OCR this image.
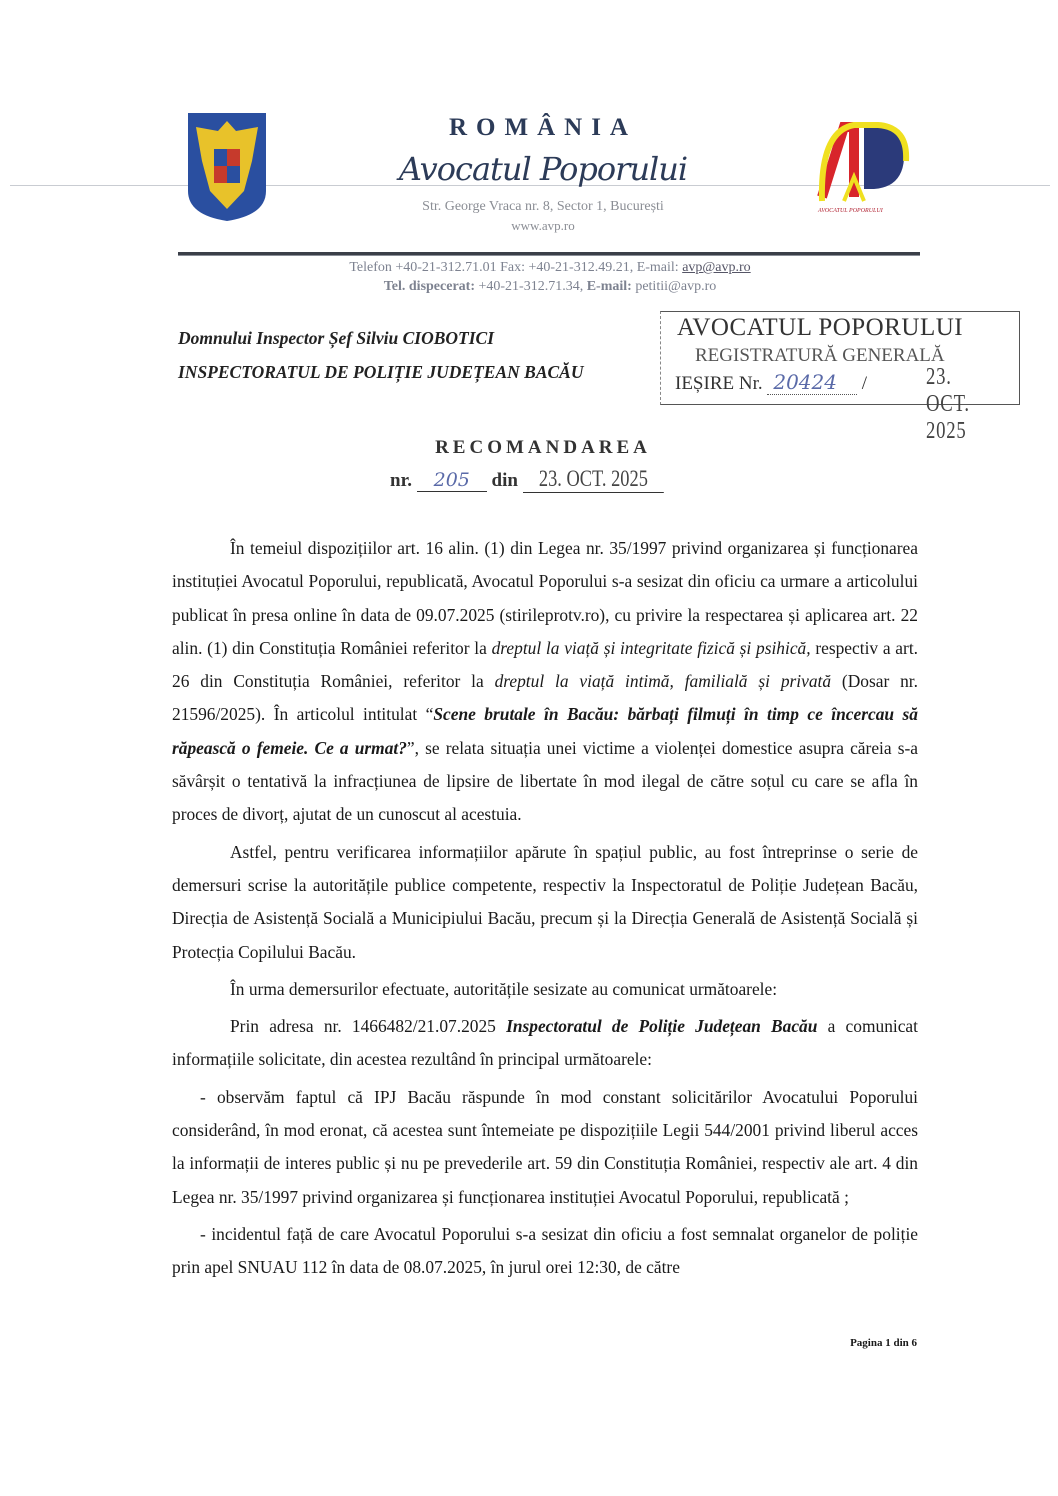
ROMÂNIA
Avocatul Poporului
Str. George Vraca nr. 8, Sector 1, București
www.avp.ro
AVOCATUL POPORULUI
Telefon +40-21-312.71.01 Fax: +40-21-312.49.21, E-mail: avp@avp.ro
Tel. dispecerat: +40-21-312.71.34, E-mail: petitii@avp.ro
Domnului Inspector Șef Silviu CIOBOTICI
INSPECTORATUL DE POLIȚIE JUDEȚEAN BACĂU
AVOCATUL POPORULUI
REGISTRATURĂ GENERALĂ
IEȘIRE Nr. 20424 / 23. OCT. 2025
RECOMANDAREA
nr. 205 din 23. OCT. 2025

În temeiul dispozițiilor art. 16 alin. (1) din Legea nr. 35/1997 privind organizarea și funcționarea instituției Avocatul Poporului, republicată, Avocatul Poporului s-a sesizat din oficiu ca urmare a articolului publicat în presa online în data de 09.07.2025 (stirileprotv.ro), cu privire la respectarea și aplicarea art. 22 alin. (1) din Constituția României referitor la dreptul la viață și integritate fizică și psihică, respectiv a art. 26 din Constituția României, referitor la dreptul la viață intimă, familială și privată (Dosar nr. 21596/2025). În articolul intitulat “Scene brutale în Bacău: bărbați filmuți în timp ce încercau să răpească o femeie. Ce a urmat?”, se relata situația unei victime a violenței domestice asupra căreia s-a săvârșit o tentativă la infracțiunea de lipsire de libertate în mod ilegal de către soțul cu care se afla în proces de divorț, ajutat de un cunoscut al acestuia.

Astfel, pentru verificarea informațiilor apărute în spațiul public, au fost întreprinse o serie de demersuri scrise la autoritățile publice competente, respectiv la Inspectoratul de Poliție Județean Bacău, Direcția de Asistență Socială a Municipiului Bacău, precum și la Direcția Generală de Asistență Socială și Protecția Copilului Bacău.

În urma demersurilor efectuate, autoritățile sesizate au comunicat următoarele:

Prin adresa nr. 1466482/21.07.2025 Inspectoratul de Poliție Județean Bacău a comunicat informațiile solicitate, din acestea rezultând în principal următoarele:

- observăm faptul că IPJ Bacău răspunde în mod constant solicitărilor Avocatului Poporului considerând, în mod eronat, că acestea sunt întemeiate pe dispozițiile Legii 544/2001 privind liberul acces la informații de interes public și nu pe prevederile art. 59 din Constituția României, respectiv ale art. 4 din Legea nr. 35/1997 privind organizarea și funcționarea instituției Avocatul Poporului, republicată ;

- incidentul față de care Avocatul Poporului s-a sesizat din oficiu a fost semnalat organelor de poliție prin apel SNUAU 112 în data de 08.07.2025, în jurul orei 12:30, de către

Pagina 1 din 6
